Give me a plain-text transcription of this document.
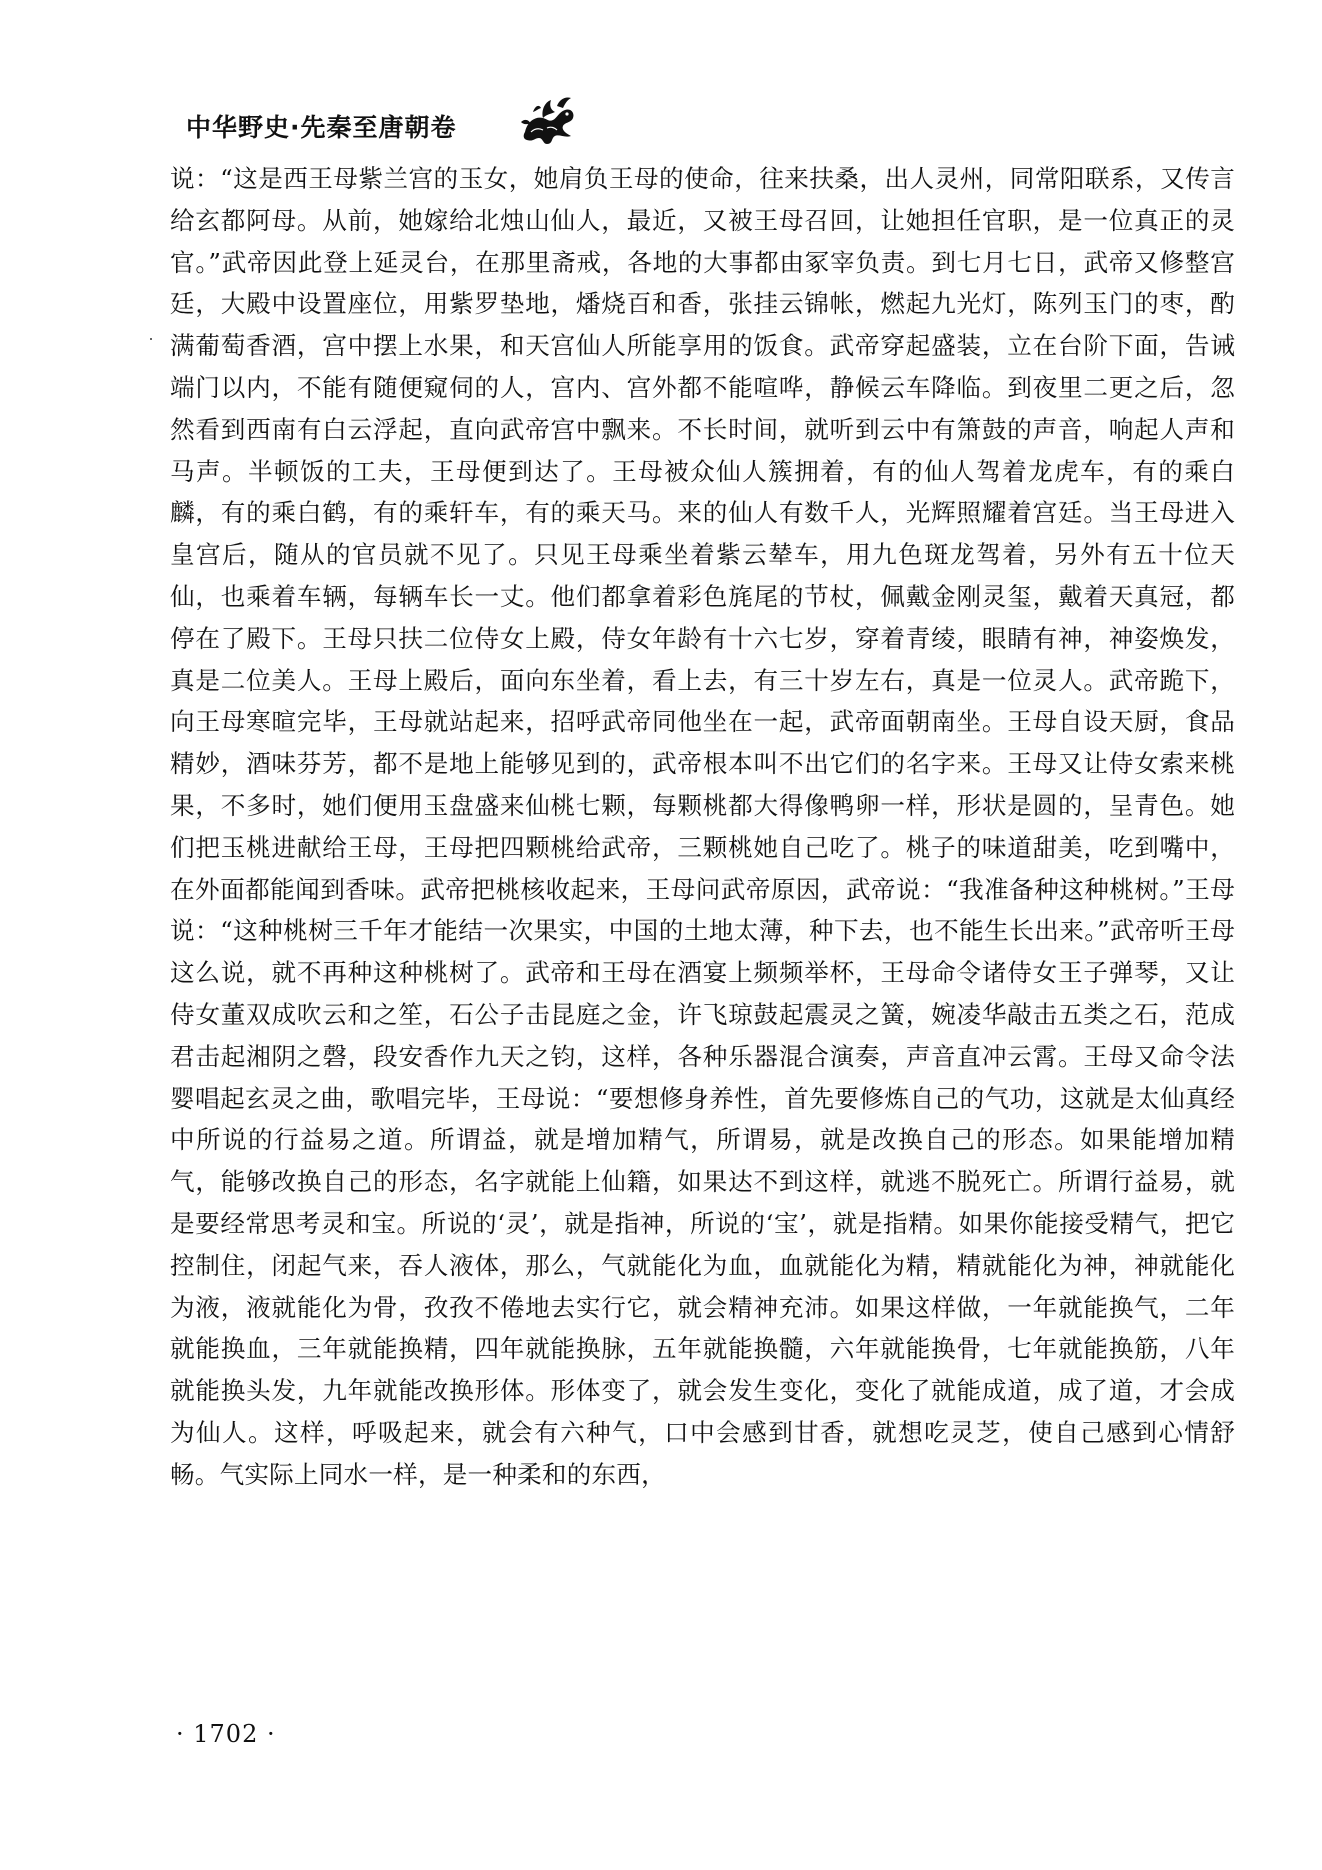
中华野史·先秦至唐朝卷
说：“这是西王母紫兰宫的玉女，她肩负王母的使命，往来扶桑，出人灵州，同常阳联系，又传言给玄都阿母。从前，她嫁给北烛山仙人，最近，又被王母召回，让她担任官职，是一位真正的灵官。”武帝因此登上延灵台，在那里斋戒，各地的大事都由冢宰负责。到七月七日，武帝又修整宫廷，大殿中设置座位，用紫罗垫地，燔烧百和香，张挂云锦帐，燃起九光灯，陈列玉门的枣，酌满葡萄香酒，宫中摆上水果，和天宫仙人所能享用的饭食。武帝穿起盛装，立在台阶下面，告诫端门以内，不能有随便窥伺的人，宫内、宫外都不能喧哗，静候云车降临。到夜里二更之后，忽然看到西南有白云浮起，直向武帝宫中飘来。不长时间，就听到云中有箫鼓的声音，响起人声和马声。半顿饭的工夫，王母便到达了。王母被众仙人簇拥着，有的仙人驾着龙虎车，有的乘白麟，有的乘白鹤，有的乘轩车，有的乘天马。来的仙人有数千人，光辉照耀着宫廷。当王母进入皇宫后，随从的官员就不见了。只见王母乘坐着紫云辇车，用九色斑龙驾着，另外有五十位天仙，也乘着车辆，每辆车长一丈。他们都拿着彩色旄尾的节杖，佩戴金刚灵玺，戴着天真冠，都停在了殿下。王母只扶二位侍女上殿，侍女年龄有十六七岁，穿着青绫，眼睛有神，神姿焕发，真是二位美人。王母上殿后，面向东坐着，看上去，有三十岁左右，真是一位灵人。武帝跪下，向王母寒暄完毕，王母就站起来，招呼武帝同他坐在一起，武帝面朝南坐。王母自设天厨，食品精妙，酒味芬芳，都不是地上能够见到的，武帝根本叫不出它们的名字来。王母又让侍女索来桃果，不多时，她们便用玉盘盛来仙桃七颗，每颗桃都大得像鸭卵一样，形状是圆的，呈青色。她们把玉桃进献给王母，王母把四颗桃给武帝，三颗桃她自己吃了。桃子的味道甜美，吃到嘴中，在外面都能闻到香味。武帝把桃核收起来，王母问武帝原因，武帝说：“我准备种这种桃树。”王母说：“这种桃树三千年才能结一次果实，中国的土地太薄，种下去，也不能生长出来。”武帝听王母这么说，就不再种这种桃树了。武帝和王母在酒宴上频频举杯，王母命令诸侍女王子弹琴，又让侍女董双成吹云和之笙，石公子击昆庭之金，许飞琼鼓起震灵之簧，婉凌华敲击五类之石，范成君击起湘阴之磬，段安香作九天之钧，这样，各种乐器混合演奏，声音直冲云霄。王母又命令法婴唱起玄灵之曲，歌唱完毕，王母说：“要想修身养性，首先要修炼自己的气功，这就是太仙真经中所说的行益易之道。所谓益，就是增加精气，所谓易，就是改换自己的形态。如果能增加精气，能够改换自己的形态，名字就能上仙籍，如果达不到这样，就逃不脱死亡。所谓行益易，就是要经常思考灵和宝。所说的‘灵’，就是指神，所说的‘宝’，就是指精。如果你能接受精气，把它控制住，闭起气来，吞人液体，那么，气就能化为血，血就能化为精，精就能化为神，神就能化为液，液就能化为骨，孜孜不倦地去实行它，就会精神充沛。如果这样做，一年就能换气，二年就能换血，三年就能换精，四年就能换脉，五年就能换髓，六年就能换骨，七年就能换筋，八年就能换头发，九年就能改换形体。形体变了，就会发生变化，变化了就能成道，成了道，才会成为仙人。这样，呼吸起来，就会有六种气，口中会感到甘香，就想吃灵芝，使自己感到心情舒畅。气实际上同水一样，是一种柔和的东西，
· 1702 ·
